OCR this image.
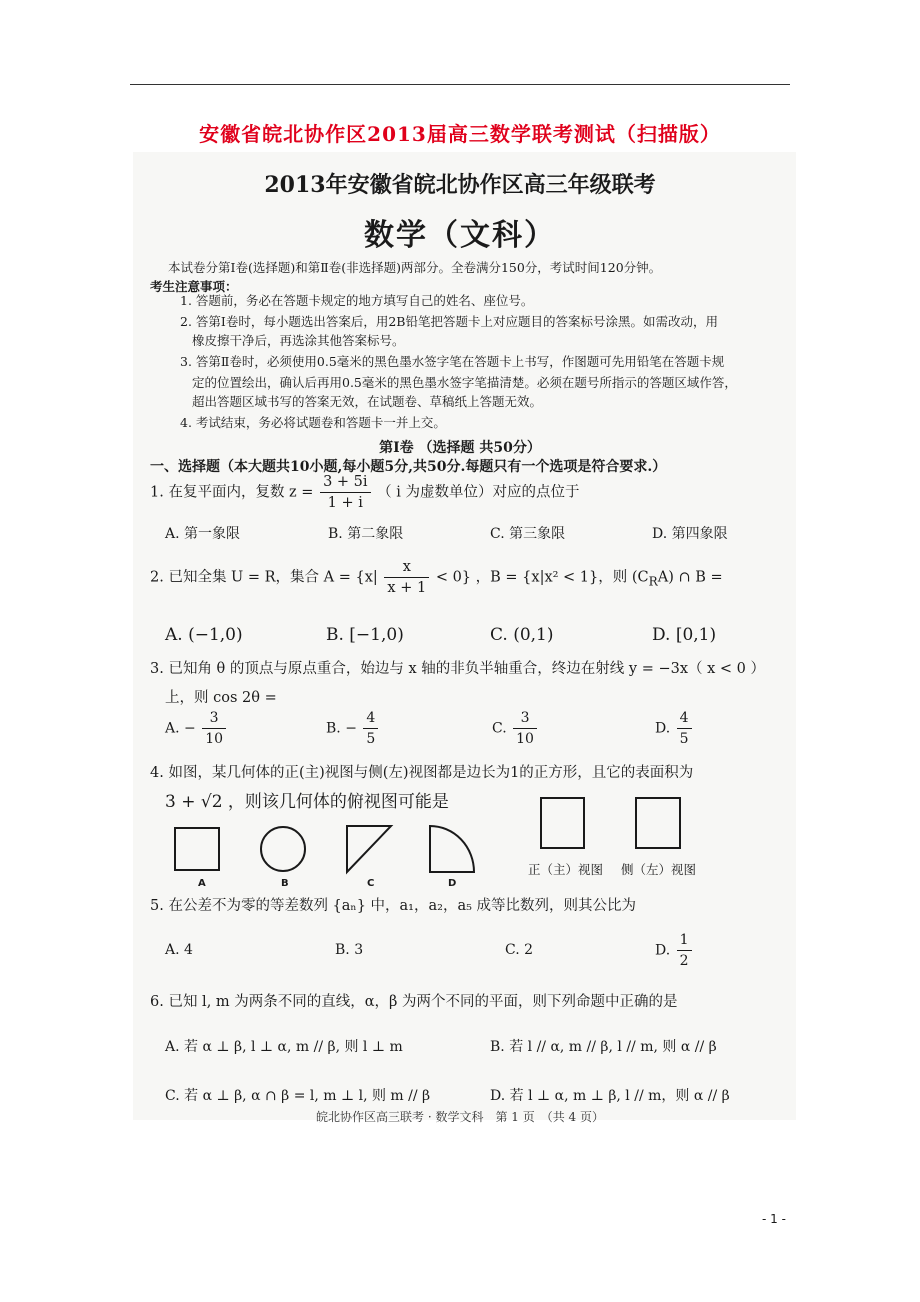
安徽省皖北协作区2013届高三数学联考测试（扫描版）
2013年安徽省皖北协作区高三年级联考
数学（文科）
本试卷分第Ⅰ卷(选择题)和第Ⅱ卷(非选择题)两部分。全卷满分150分，考试时间120分钟。
考生注意事项：
1. 答题前，务必在答题卡规定的地方填写自己的姓名、座位号。
2. 答第Ⅰ卷时，每小题选出答案后，用2B铅笔把答题卡上对应题目的答案标号涂黑。如需改动，用
橡皮擦干净后，再选涂其他答案标号。
3. 答第Ⅱ卷时，必须使用0.5毫米的黑色墨水签字笔在答题卡上书写，作图题可先用铅笔在答题卡规
定的位置绘出，确认后再用0.5毫米的黑色墨水签字笔描清楚。必须在题号所指示的答题区域作答，
超出答题区域书写的答案无效，在试题卷、草稿纸上答题无效。
4. 考试结束，务必将试题卷和答题卡一并上交。
第Ⅰ卷 （选择题 共50分）
一、选择题（本大题共10小题,每小题5分,共50分.每题只有一个选项是符合要求.）
1. 在复平面内，复数 $z = \frac{3 + 5i}{1 + i}$ （ i 为虚数单位）对应的点位于
A. 第一象限	B. 第二象限	C. 第三象限	D. 第四象限
2. 已知全集 U = R，集合 $A = \{x| \frac{x}{x + 1} < 0\}$ ，B = {x|x² < 1}，则 $(C_RA)$ ∩ B =
A. (−1,0)	B. [−1,0)	C. (0,1)	D. [0,1)
3. 已知角 θ 的顶点与原点重合，始边与 x 轴的非负半轴重合，终边在射线 y = −3x（ x < 0 ）
上，则 cos 2θ =
A. − $\frac{3}{10}$	B. − $\frac{4}{5}$	C. $\frac{3}{10}$	D. $\frac{4}{5}$
4. 如图，某几何体的正(主)视图与侧(左)视图都是边长为1的正方形，且它的表面积为
3 + √2 ，则该几何体的俯视图可能是
A	B	C	D
正（主）视图 侧（左）视图
5. 在公差不为零的等差数列 {aₙ} 中，a₁，a₂，a₅ 成等比数列，则其公比为
A. 4	B. 3	C. 2	D. $\frac{1}{2}$
6. 已知 l, m 为两条不同的直线，α，β 为两个不同的平面，则下列命题中正确的是
A. 若 α ⊥ β, l ⊥ α, m // β, 则 l ⊥ m	B. 若 l // α, m // β, l // m, 则 α // β
C. 若 α ⊥ β, α ∩ β = l, m ⊥ l, 则 m // β	D. 若 l ⊥ α, m ⊥ β, l // m，则 α // β
皖北协作区高三联考 · 数学文科　第 1 页　（共 4 页）
- 1 -
